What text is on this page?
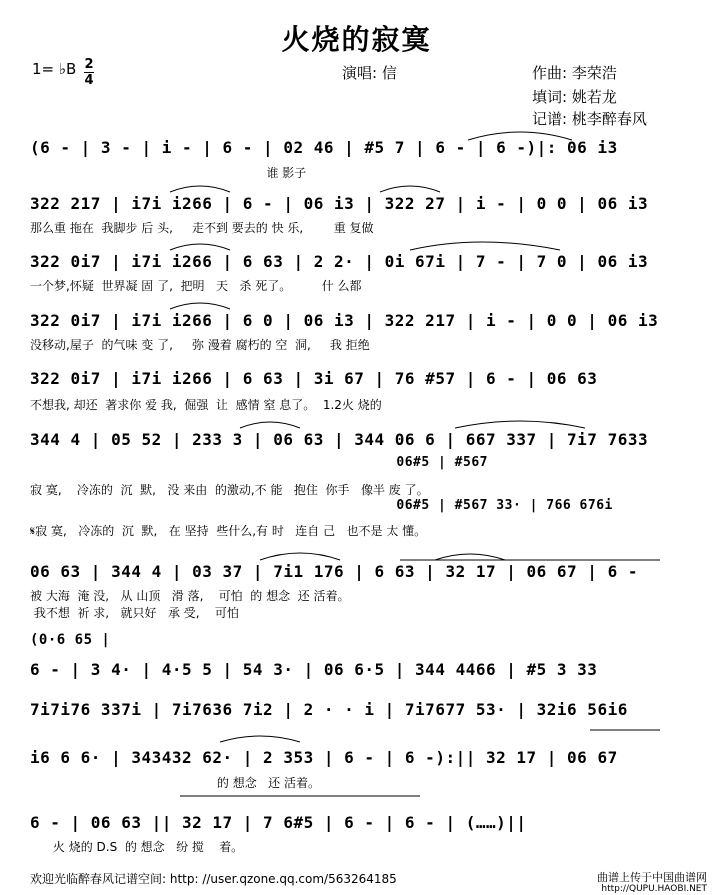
火烧的寂寞
1= ♭B 2
4	演唱: 信	作曲: 李荣浩
填词: 姚若龙
记谱: 桃李醉春风
(6 - | 3 - | i - | 6 - | 02 46 | #5 7 | 6 - | 6 -)|: 06 i3
谁 影子
322 217 | i7i i266 | 6 - | 06 i3 | 322 27 | i - | 0 0 | 06 i3
那么重 拖在  我脚步 后 头,     走不到 要去的 快 乐,        重 复做
322 0i7 | i7i i266 | 6 63 | 2 2· | 0i 67i | 7 - | 7 0 | 06 i3
一个梦,怀疑  世界凝 固 了,  把明   天   杀 死了。        什 么都
322 0i7 | i7i i266 | 6 0 | 06 i3 | 322 217 | i - | 0 0 | 06 i3
没移动,屋子  的气味 变 了,     弥 漫着 腐朽的 空  洞,     我 拒绝
322 0i7 | i7i i266 | 6 63 | 3i 67 | 76 #57 | 6 - | 06 63
不想我, 却还  著求你 爱 我,  倔强  让  感情 窒 息了。  1.2火 烧的
344 4 | 05 52 | 233 3 | 06 63 | 344 06 6 | 667 337 | 7i7 7633
06#5 | #567
寂 寞,    冷冻的  沉  默,   没 来由  的激动,不 能   抱住  你手   像半 废 了。
06#5 | #567 33· | 766 676i
𝄋寂 寞,   冷冻的  沉  默,   在 坚持  些什么,有 时   连自 己   也不是 太 懂。
06 63 | 344 4 | 03 37 | 7i1 176 | 6 63 | 32 17 | 06 67 | 6 -
被 大海  淹 没,   从 山顶   滑 落,    可怕  的 想念  还 活着。
我不想  祈 求,   就只好   承 受,    可怕
(0·6 65 |
6 - | 3 4· | 4·5 5 | 54 3· | 06 6·5 | 344 4466 | #5 3 33
7i7i76 337i | 7i7636 7i2 | 2 · · i | 7i7677 53· | 32i6 56i6
i6 6 6· | 343432 62· | 2 353 | 6 - | 6 -):|| 32 17 | 06 67
的 想念   还 活着。
6 - | 06 63 || 32 17 | 7 6#5 | 6 - | 6 - | (……)||
火 烧的 D.S  的 想念   纷 搅    着。
欢迎光临醉春风记谱空间: http: //user.qzone.qq.com/563264185	曲谱上传于中国曲谱网
http://QUPU.HAOBI.NET
